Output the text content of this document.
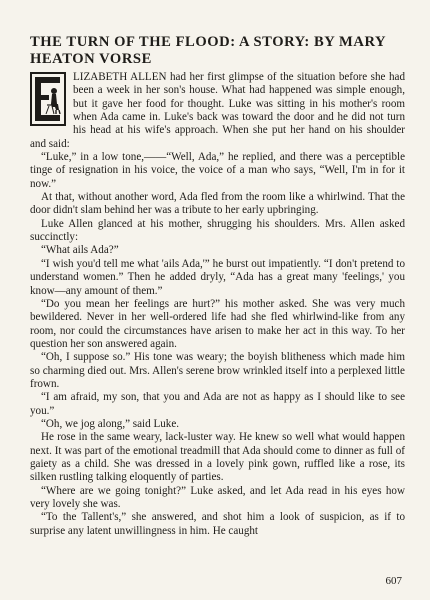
THE TURN OF THE FLOOD: A STORY: BY MARY HEATON VORSE

LIZABETH ALLEN had her first glimpse of the situation before she had been a week in her son's house. What had happened was simple enough, but it gave her food for thought. Luke was sitting in his mother's room when Ada came in. Luke's back was toward the door and he did not turn his head at his wife's approach. When she put her hand on his shoulder and said:

“Luke,” in a low tone,——“Well, Ada,” he replied, and there was a perceptible tinge of resignation in his voice, the voice of a man who says, “Well, I'm in for it now.”

At that, without another word, Ada fled from the room like a whirlwind. That the door didn't slam behind her was a tribute to her early upbringing.

Luke Allen glanced at his mother, shrugging his shoulders. Mrs. Allen asked succinctly:

“What ails Ada?”

“I wish you'd tell me what 'ails Ada,'” he burst out impatiently. “I don't pretend to understand women.” Then he added dryly, “Ada has a great many 'feelings,' you know—any amount of them.”

“Do you mean her feelings are hurt?” his mother asked. She was very much bewildered. Never in her well-ordered life had she fled whirlwind-like from any room, nor could the circumstances have arisen to make her act in this way. To her question her son answered again.

“Oh, I suppose so.” His tone was weary; the boyish blitheness which made him so charming died out. Mrs. Allen's serene brow wrinkled itself into a perplexed little frown.

“I am afraid, my son, that you and Ada are not as happy as I should like to see you.”

“Oh, we jog along,” said Luke.

He rose in the same weary, lack-luster way. He knew so well what would happen next. It was part of the emotional treadmill that Ada should come to dinner as full of gaiety as a child. She was dressed in a lovely pink gown, ruffled like a rose, its silken rustling talking eloquently of parties.

“Where are we going tonight?” Luke asked, and let Ada read in his eyes how very lovely she was.

“To the Tallent's,” she answered, and shot him a look of suspicion, as if to surprise any latent unwillingness in him. He caught

607
